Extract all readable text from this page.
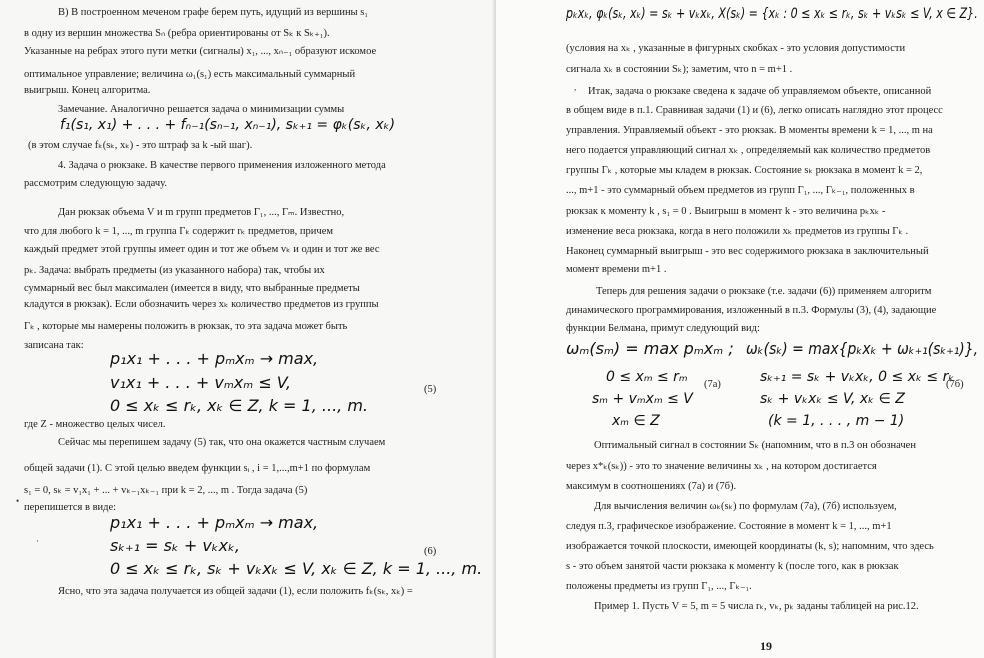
В) В построенном меченом графе берем путь, идущий из вершины s₁
в одну из вершин множества Sₙ (ребра ориентированы от Sₖ к Sₖ₊₁).
Указанные на ребрах этого пути метки (сигналы) x₁, ..., xₙ₋₁ образуют искомое
оптимальное управление; величина ω₁(s₁) есть максимальный суммарный
выигрыш. Конец алгоритма.
Замечание. Аналогично решается задача о минимизации суммы
f₁(s₁, x₁) + . . . + fₙ₋₁(sₙ₋₁, xₙ₋₁), sₖ₊₁ = φₖ(sₖ, xₖ)
(в этом случае fₖ(sₖ, xₖ) - это штраф за k -ый шаг).
4. Задача о рюкзаке. В качестве первого применения изложенного метода
рассмотрим следующую задачу.
Дан рюкзак объема V и m групп предметов Γ₁, ..., Γₘ. Известно,
что для любого k = 1, ..., m группа Γₖ содержит rₖ предметов, причем
каждый предмет этой группы имеет один и тот же объем vₖ и один и тот же вес
pₖ. Задача: выбрать предметы (из указанного набора) так, чтобы их
суммарный вес был максимален (имеется в виду, что выбранные предметы
кладутся в рюкзак). Если обозначить через xₖ количество предметов из группы
Γₖ , которые мы намерены положить в рюкзак, то эта задача может быть
записана так:
p₁x₁ + . . . + pₘxₘ → max,
v₁x₁ + . . . + vₘxₘ ≤ V,
0 ≤ xₖ ≤ rₖ, xₖ ∈ Z, k = 1, ..., m.
(5)
где Z - множество целых чисел.
Сейчас мы перепишем задачу (5) так, что она окажется частным случаем
общей задачи (1). С этой целью введем функции sᵢ , i = 1,...,m+1 по формулам
s₁ = 0, sₖ = v₁x₁ + ... + vₖ₋₁xₖ₋₁ при k = 2, ..., m . Тогда задача (5)
перепишется в виде:
p₁x₁ + . . . + pₘxₘ → max,
sₖ₊₁ = sₖ + vₖxₖ,
0 ≤ xₖ ≤ rₖ, sₖ + vₖxₖ ≤ V, xₖ ∈ Z, k = 1, ..., m.
(6)
Ясно, что эта задача получается из общей задачи (1), если положить fₖ(sₖ, xₖ) =
•
·
pₖxₖ, φₖ(sₖ, xₖ) = sₖ + vₖxₖ, X(sₖ) = {xₖ : 0 ≤ xₖ ≤ rₖ, sₖ + vₖsₖ ≤ V, x ∈ Z}.
(условия на xₖ , указанные в фигурных скобках - это условия допустимости
сигнала xₖ в состоянии Sₖ); заметим, что n = m+1 .
Итак, задача о рюкзаке сведена к задаче об управляемом объекте, описанной
в общем виде в п.1. Сравнивая задачи (1) и (6), легко описать наглядно этот процесс
управления. Управляемый объект - это рюкзак. В моменты времени k = 1, ..., m на
него подается управляющий сигнал xₖ , определяемый как количество предметов
группы Γₖ , которые мы кладем в рюкзак. Состояние sₖ рюкзака в момент k = 2,
..., m+1 - это суммарный объем предметов из групп Γ₁, ..., Γₖ₋₁, положенных в
рюкзак к моменту k , s₁ = 0 . Выигрыш в момент k - это величина pₖxₖ -
изменение веса рюкзака, когда в него положили xₖ предметов из группы Γₖ .
Наконец суммарный выигрыш - это вес содержимого рюкзака в заключительный
момент времени m+1 .
Теперь для решения задачи о рюкзаке (т.е. задачи (6)) применяем алгоритм
динамического программирования, изложенный в п.3. Формулы (3), (4), задающие
функции Белмана, примут следующий вид:
ωₘ(sₘ) = max pₘxₘ ; ωₖ(sₖ) = max{pₖxₖ + ωₖ₊₁(sₖ₊₁)},
0 ≤ xₘ ≤ rₘ (7а)	sₖ₊₁ = sₖ + vₖxₖ, 0 ≤ xₖ ≤ rₖ
(7б)
sₘ + vₘxₘ ≤ V	sₖ + vₖxₖ ≤ V, xₖ ∈ Z
xₘ ∈ Z	(k = 1, . . . , m − 1)
Оптимальный сигнал в состоянии Sₖ (напомним, что в п.3 он обозначен
через x*ₖ(sₖ)) - это то значение величины xₖ , на котором достигается
максимум в соотношениях (7а) и (7б).
Для вычисления величин ωₖ(sₖ) по формулам (7а), (7б) используем,
следуя п.3, графическое изображение. Состояние в момент k = 1, ..., m+1
изображается точкой плоскости, имеющей координаты (k, s); напомним, что здесь
s - это объем занятой части рюкзака к моменту k (после того, как в рюкзак
положены предметы из групп Γ₁, ..., Γₖ₋₁.
Пример 1. Пусть V = 5, m = 5 числа rₖ, vₖ, pₖ заданы таблицей на рис.12.
19
,
